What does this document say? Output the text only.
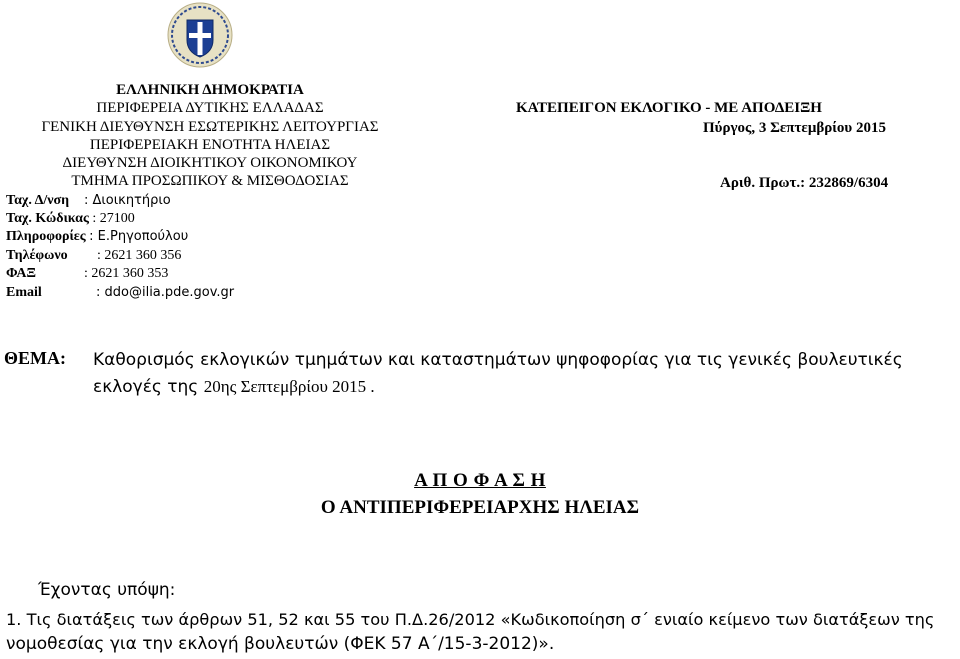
ΕΛΛΗΝΙΚΗ ΔΗΜΟΚΡΑΤΙΑ
ΠΕΡΙΦΕΡΕΙΑ ΔΥΤΙΚΗΣ ΕΛΛΑΔΑΣ
ΓΕΝΙΚΗ ΔΙΕΥΘΥΝΣΗ ΕΣΩΤΕΡΙΚΗΣ ΛΕΙΤΟΥΡΓΙΑΣ
ΠΕΡΙΦΕΡΕΙΑΚΗ ΕΝΟΤΗΤΑ ΗΛΕΙΑΣ
ΔΙΕΥΘΥΝΣΗ ΔΙΟΙΚΗΤΙΚΟΥ ΟΙΚΟΝΟΜΙΚΟΥ
ΤΜΗΜΑ ΠΡΟΣΩΠΙΚΟΥ & ΜΙΣΘΟΔΟΣΙΑΣ
ΚΑΤΕΠΕΙΓΟΝ ΕΚΛΟΓΙΚΟ - ΜΕ ΑΠΟΔΕΙΞΗ
Πύργος, 3 Σεπτεμβρίου 2015
Αριθ. Πρωτ.: 232869/6304
Ταχ. Δ/νση : Διοικητήριο
Ταχ. Κώδικας : 27100
Πληροφορίες : Ε.Ρηγοπούλου
Τηλέφωνο : 2621 360 356
ΦΑΞ	: 2621 360 353
Email	: ddo@ilia.pde.gov.gr
ΘΕΜΑ: Καθορισμός εκλογικών τμημάτων και καταστημάτων ψηφοφορίας για τις γενικές βουλευτικές
εκλογές της 20ης Σεπτεμβρίου 2015 .
Α Π Ο Φ Α Σ Η
Ο ΑΝΤΙΠΕΡΙΦΕΡΕΙΑΡΧΗΣ ΗΛΕΙΑΣ
Έχοντας υπόψη:
1. Τις διατάξεις των άρθρων 51, 52 και 55 του Π.Δ.26/2012 «Κωδικοποίηση σ΄ ενιαίο κείμενο των διατάξεων της
νομοθεσίας για την εκλογή βουλευτών (ΦΕΚ 57 Α΄/15-3-2012)».
